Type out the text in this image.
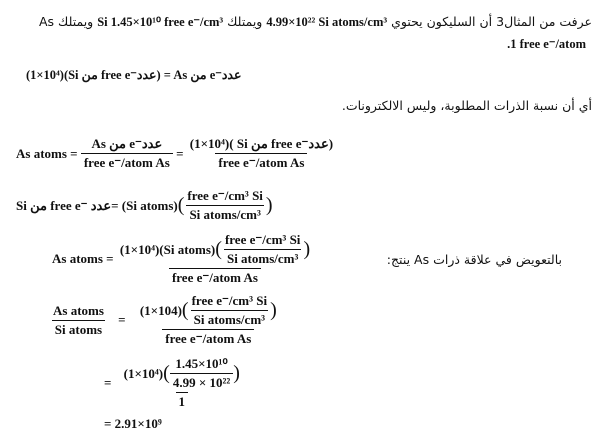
عرفت من المثال3 أن السليكون يحتوي 4.99×10²² Si atoms/cm³ ويمتلك Si 1.45×10¹⁰ free e⁻/cm³ ويمتلك As
.1 free e⁻/atom
(1×10⁴)(Si من free e⁻عدد) = As من e⁻عدد
أي أن نسبة الذرات المطلوبة، وليس الالكترونات.
As atoms = $\frac{\text{As من e⁻عدد}}{\text{free e⁻/atom As}} = \frac{\text{(1×10⁴)( Si من free e⁻عدد)}}{\text{free e⁻/atom As}}$
Si من free e⁻ عدد= (Si atoms)( $\frac{\text{free e⁻/cm³ Si}}{\text{Si atoms/cm³}}$ )
بالتعويض في علاقة ذرات As ينتج:
As atoms =
(1×10⁴)(Si atoms)( $\frac{\text{free e⁻/cm³ Si}}{\text{Si atoms/cm³}}$ )
free e⁻/atom As
$\frac{\text{As atoms}}{\text{Si atoms}} = \frac{(1\times 104)( \frac{\text{free e⁻/cm³ Si}}{\text{Si atoms/cm³}} )}{\text{free e⁻/atom As}}$
= $\frac{(1\times 10^4)( \frac{\text{1.45×10¹⁰}}{\text{4.99 × 10²²}} )}{1}$
= 2.91×10⁹
